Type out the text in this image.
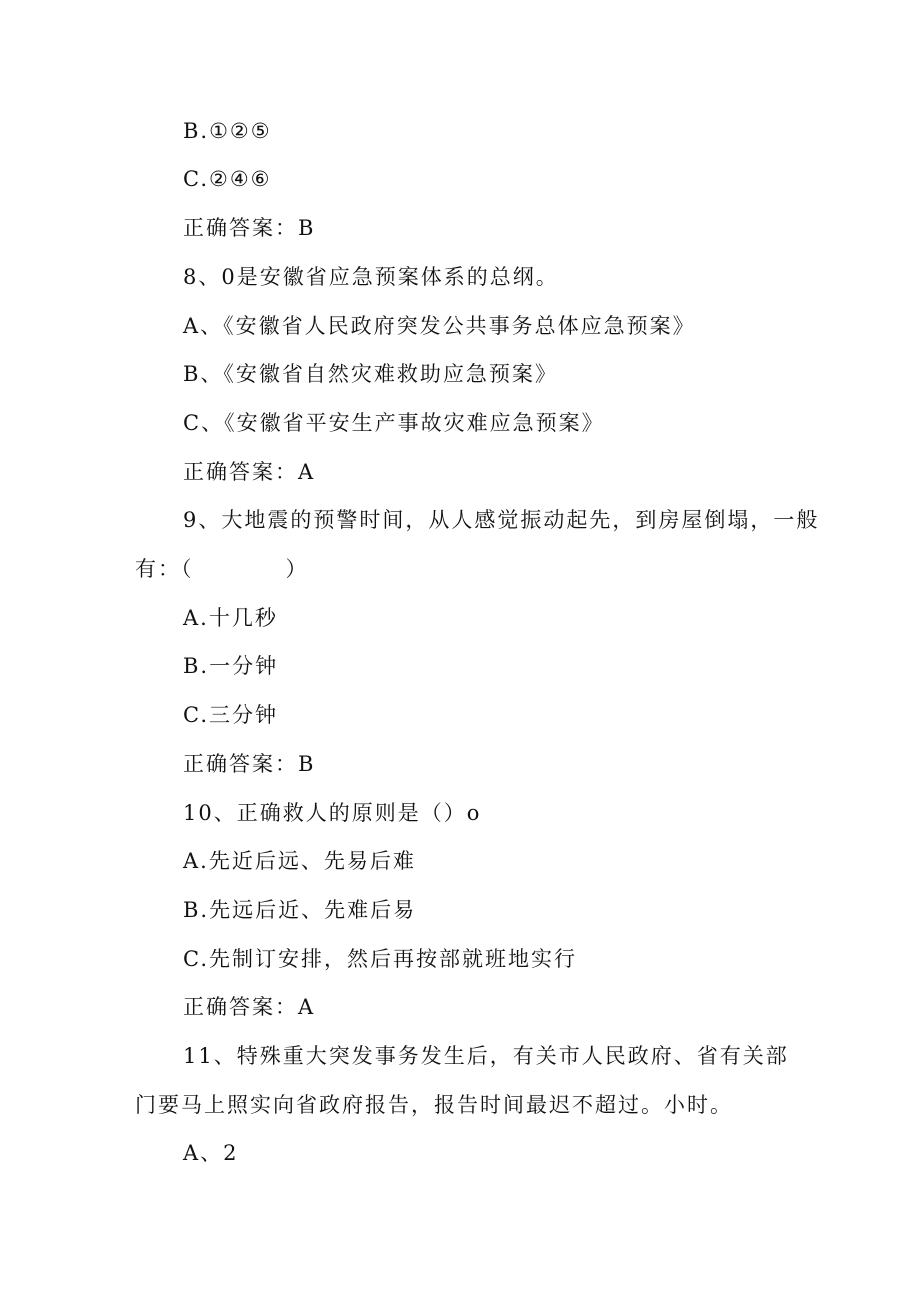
B.①②⑤
C.②④⑥
正确答案：B
8、0是安徽省应急预案体系的总纲。
A、《安徽省人民政府突发公共事务总体应急预案》
B、《安徽省自然灾难救助应急预案》
C、《安徽省平安生产事故灾难应急预案》
正确答案：A
9、大地震的预警时间，从人感觉振动起先，到房屋倒塌，一般
有：（　　　　）
A.十几秒
B.一分钟
C.三分钟
正确答案：B
10、正确救人的原则是（）o
A.先近后远、先易后难
B.先远后近、先难后易
C.先制订安排，然后再按部就班地实行
正确答案：A
11、特殊重大突发事务发生后，有关市人民政府、省有关部
门要马上照实向省政府报告，报告时间最迟不超过。小时。
A、2
